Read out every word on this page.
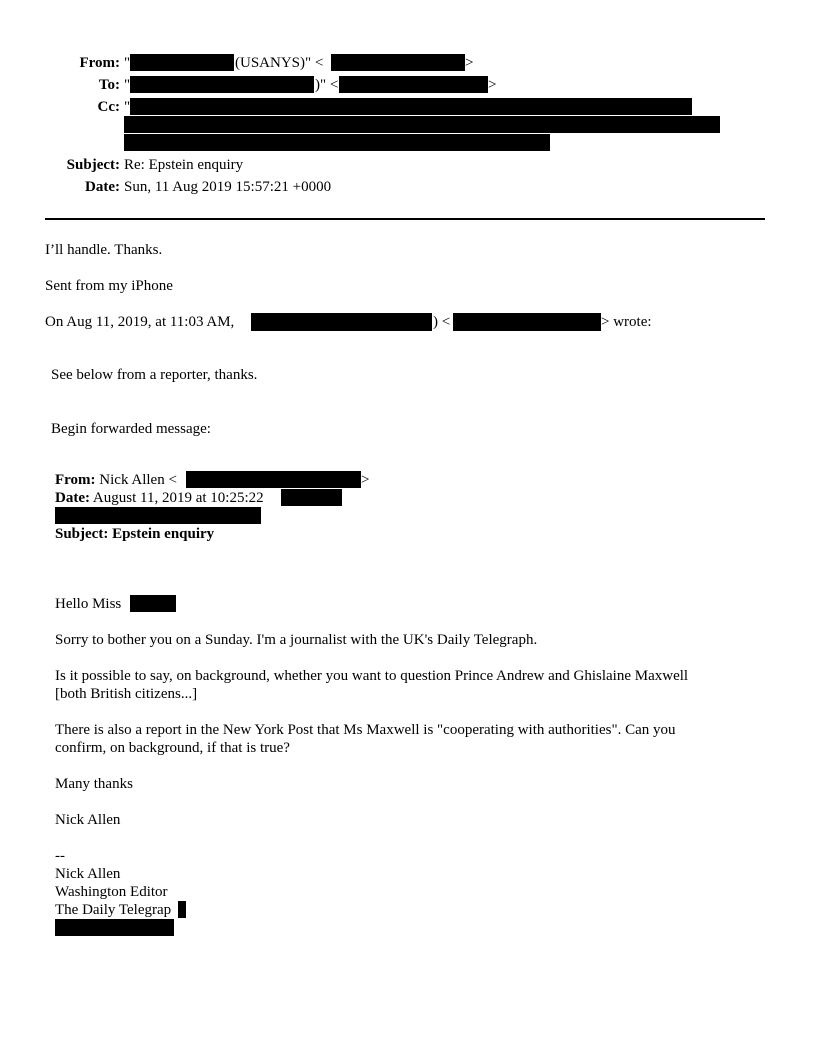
From: "	(USANYS)" <	>
To: "	)" <	>
Cc: "
Subject: Re: Epstein enquiry
Date: Sun, 11 Aug 2019 15:57:21 +0000
I’ll handle. Thanks.
Sent from my iPhone
On Aug 11, 2019, at 11:03 AM,	) <	> wrote:
See below from a reporter, thanks.
Begin forwarded message:
From: Nick Allen <	>
Date: August 11, 2019 at 10:25:22
Subject: Epstein enquiry
Hello Miss
Sorry to bother you on a Sunday. I'm a journalist with the UK's Daily Telegraph.
Is it possible to say, on background, whether you want to question Prince Andrew and Ghislaine Maxwell
[both British citizens...]
There is also a report in the New York Post that Ms Maxwell is "cooperating with authorities". Can you
confirm, on background, if that is true?
Many thanks
Nick Allen
--
Nick Allen
Washington Editor
The Daily Telegrap
